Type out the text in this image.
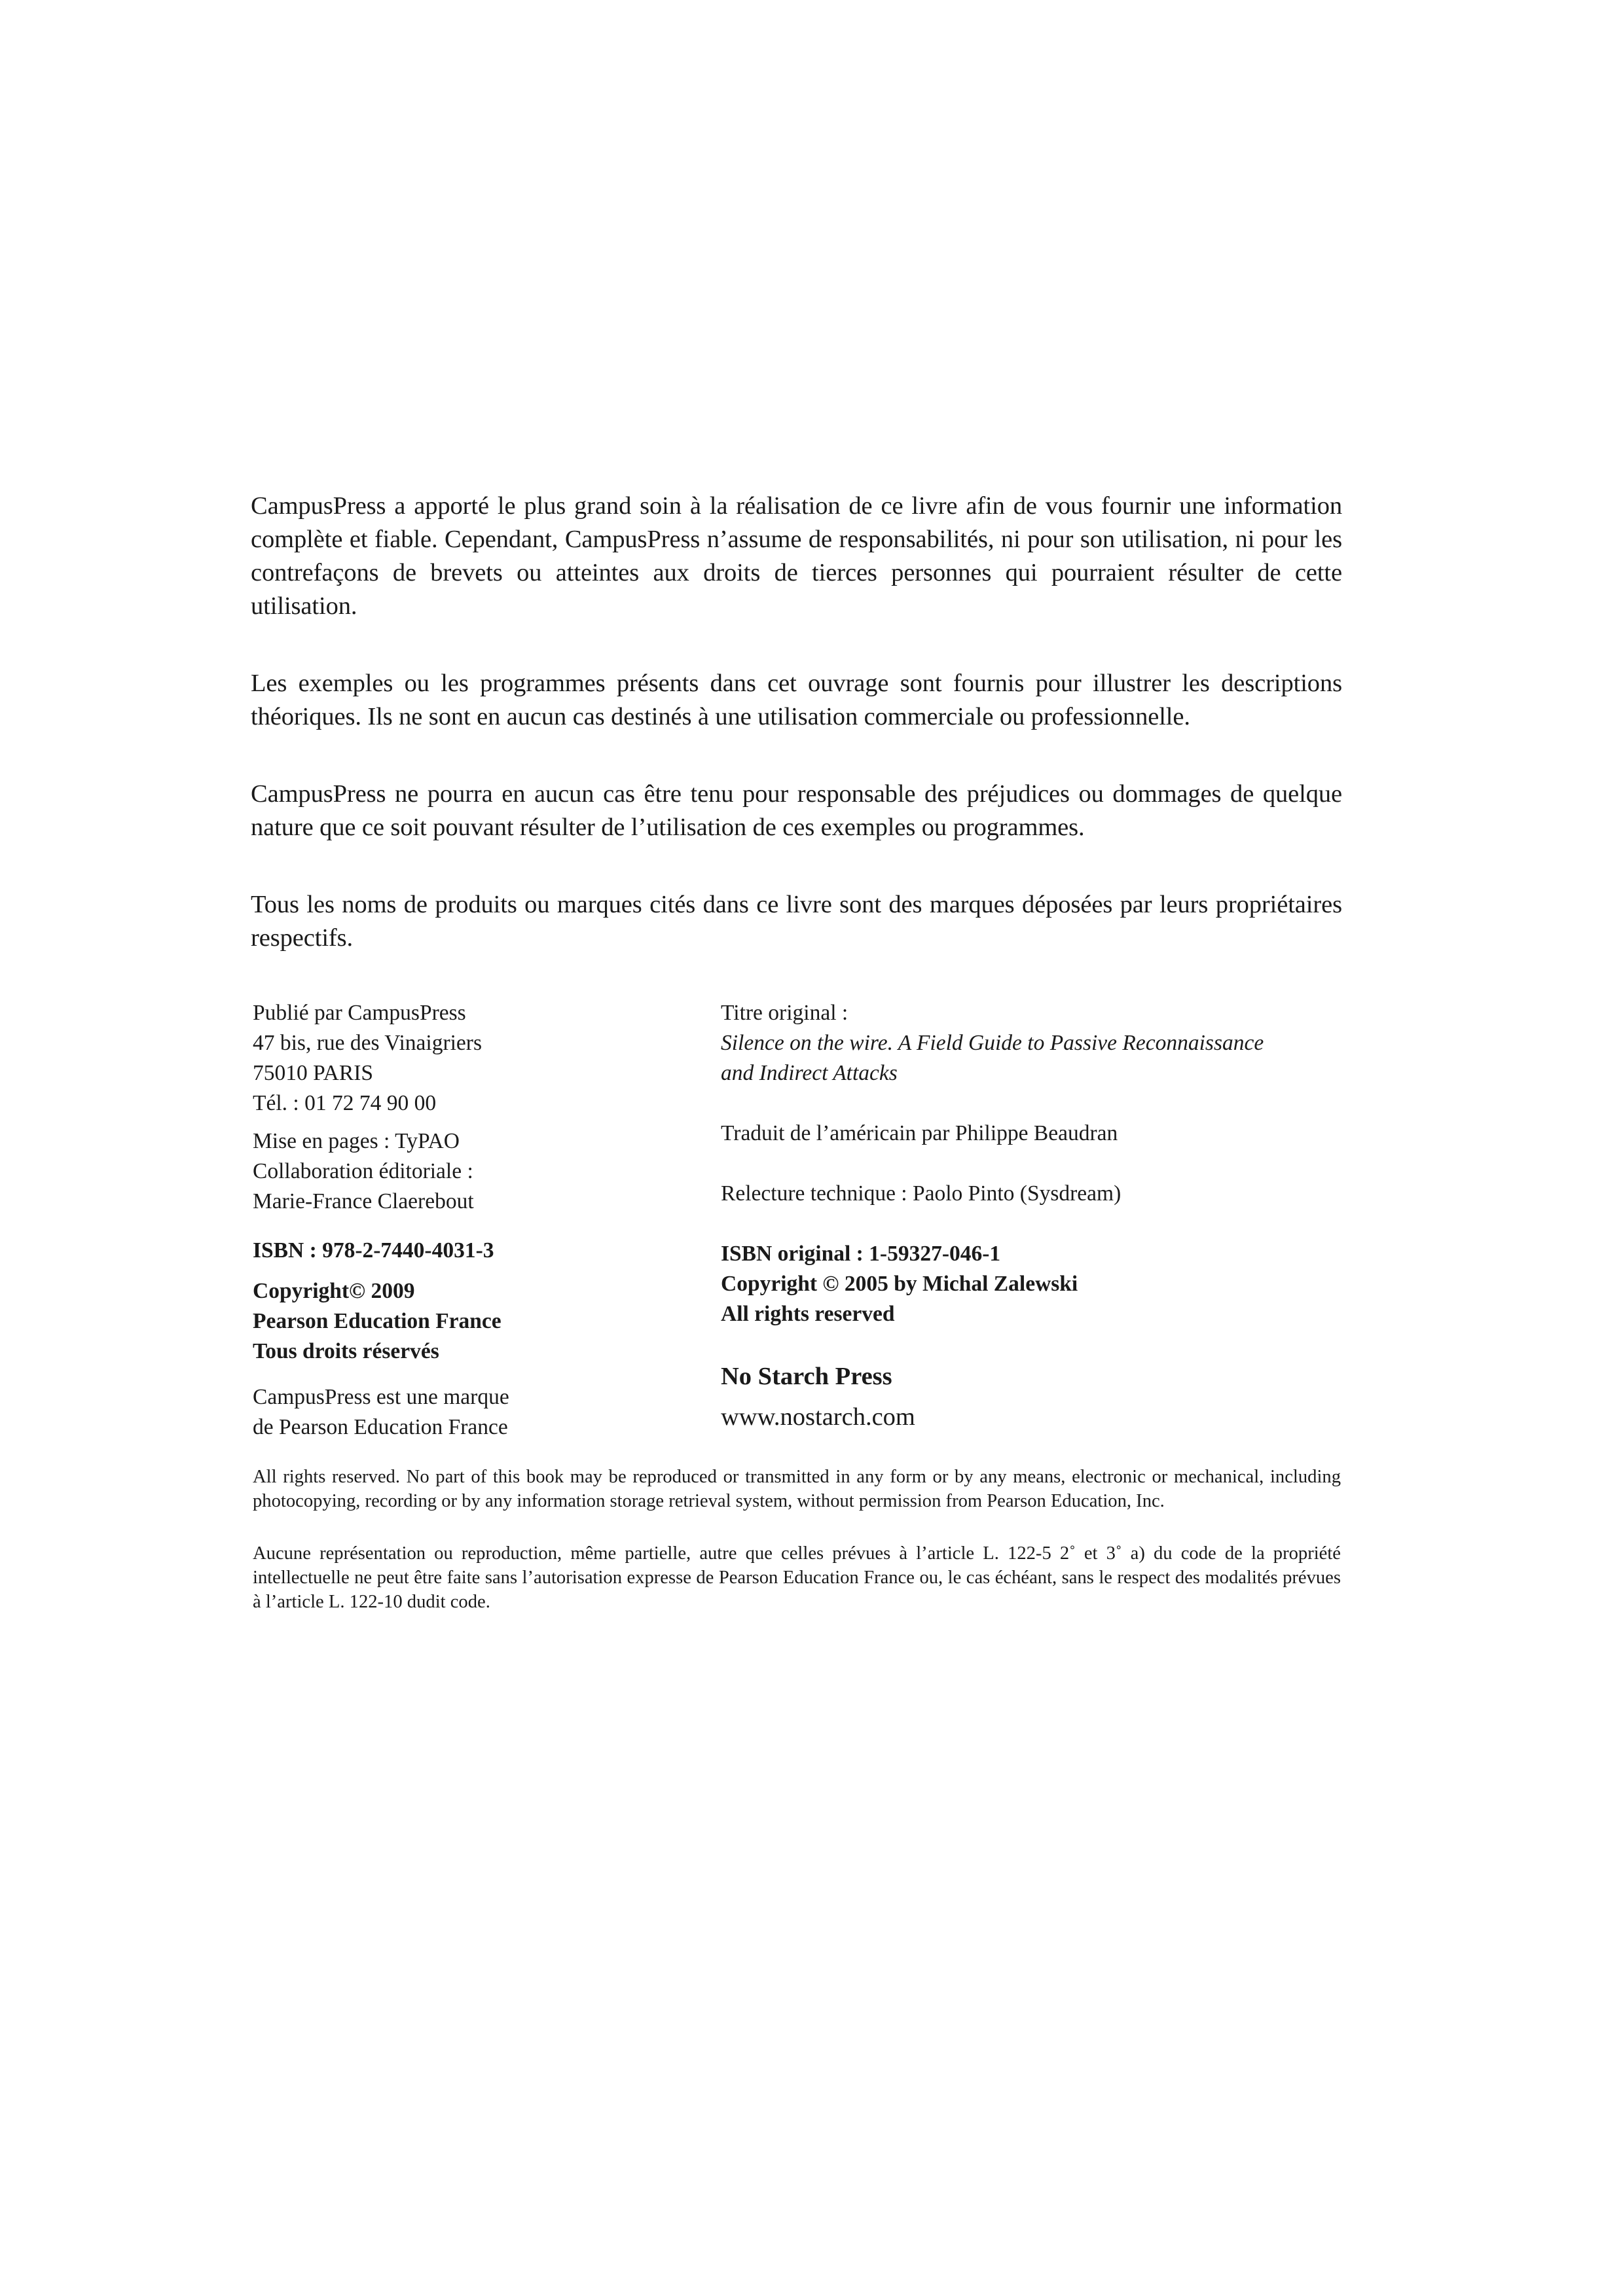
CampusPress a apporté le plus grand soin à la réalisation de ce livre afin de vous fournir une information complète et fiable. Cependant, CampusPress n’assume de responsabilités, ni pour son utilisation, ni pour les contrefaçons de brevets ou atteintes aux droits de tierces personnes qui pourraient résulter de cette utilisation.

Les exemples ou les programmes présents dans cet ouvrage sont fournis pour illustrer les descriptions théoriques. Ils ne sont en aucun cas destinés à une utilisation commerciale ou professionnelle.

CampusPress ne pourra en aucun cas être tenu pour responsable des préjudices ou dommages de quelque nature que ce soit pouvant résulter de l’utilisation de ces exemples ou programmes.

Tous les noms de produits ou marques cités dans ce livre sont des marques déposées par leurs propriétaires respectifs.

Publié par CampusPress
47 bis, rue des Vinaigriers
75010 PARIS
Tél. : 01 72 74 90 00
Mise en pages : TyPAO
Collaboration éditoriale :
Marie-France Claerebout
ISBN : 978-2-7440-4031-3
Copyright© 2009
Pearson Education France
Tous droits réservés
CampusPress est une marque
de Pearson Education France
Titre original :
Silence on the wire. A Field Guide to Passive Reconnaissance
and Indirect Attacks
Traduit de l’américain par Philippe Beaudran
Relecture technique : Paolo Pinto (Sysdream)
ISBN original : 1-59327-046-1
Copyright © 2005 by Michal Zalewski
All rights reserved
No Starch Press
www.nostarch.com

All rights reserved. No part of this book may be reproduced or transmitted in any form or by any means, electronic or mechanical, including photocopying, recording or by any information storage retrieval system, without permission from Pearson Education, Inc.

Aucune représentation ou reproduction, même partielle, autre que celles prévues à l’article L. 122-5 2˚ et 3˚ a) du code de la propriété intellectuelle ne peut être faite sans l’autorisation expresse de Pearson Education France ou, le cas échéant, sans le respect des modalités prévues à l’article L. 122-10 dudit code.
